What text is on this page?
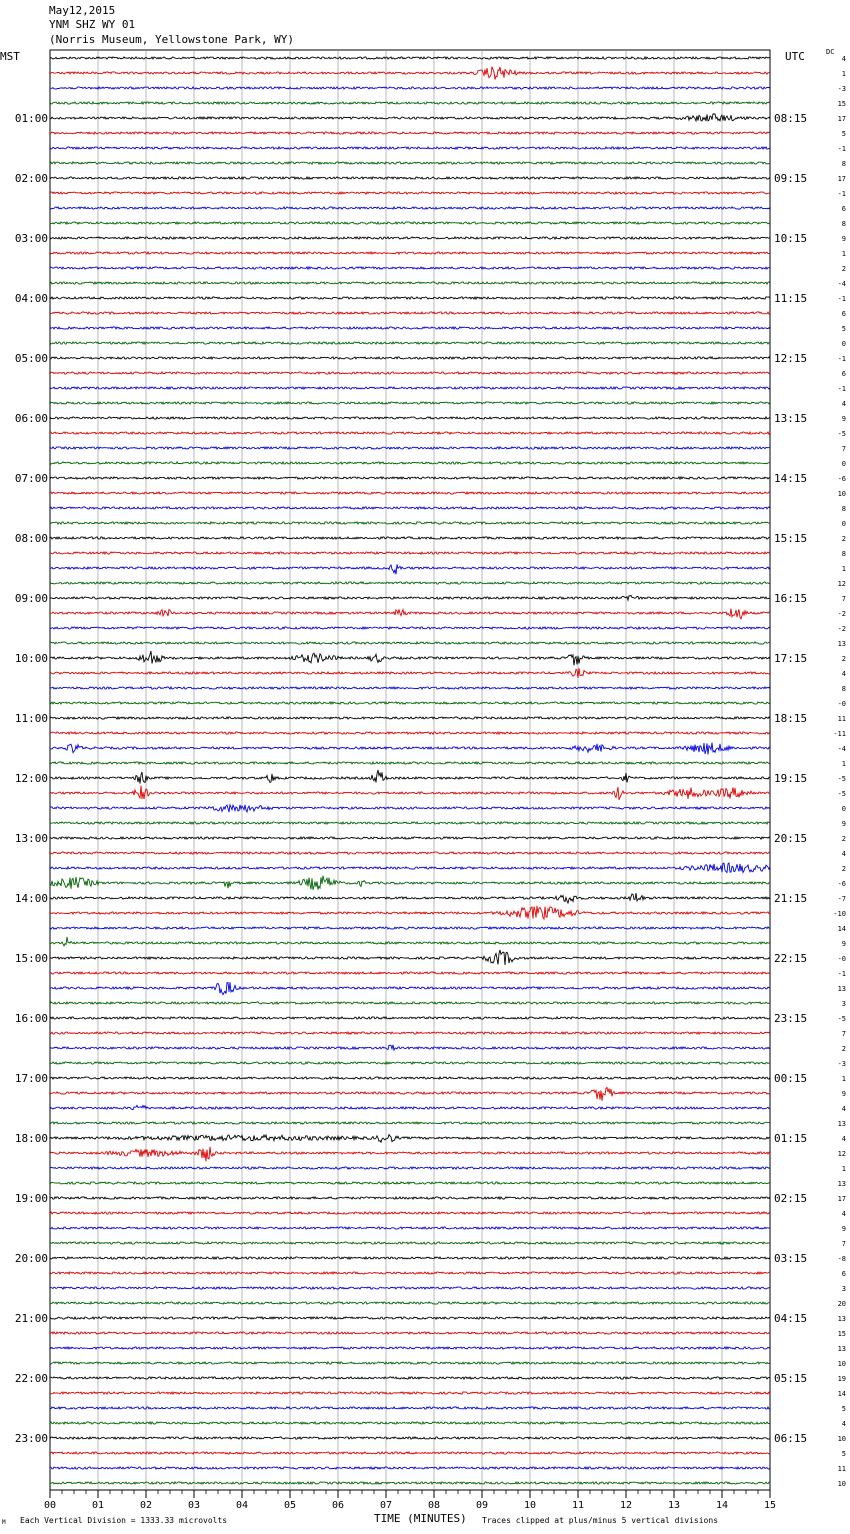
May12,2015
YNM SHZ WY 01
(Norris Museum, Yellowstone Park, WY)
MST	UTC	DC
00	01	02	03	04	05	06	07	08	09	10	11	12	13	14	15
4
1
-3
15
17
5
-1
8
17
-1
6
8
9
1
2
-4
-1
6
5
0
-1
6
-1
4
9
-5
7
0
-6
10
8
0
2
8
1
12
7
-2
-2
13
2
4
8
-0
11
-11
-4
1
-5
-5
0
9
2
4
2
-6
-7
-10
14
9
-0
-1
13
3
-5
7
2
-3
1
9
4
13
4
12
1
13
17
4
9
7
-8
6
3
20
13
15
13
10
19
14
5
4
10
5
11
10
01:00	08:15
02:00	09:15
03:00	10:15
04:00	11:15
05:00	12:15
06:00	13:15
07:00	14:15
08:00	15:15
09:00	16:15
10:00	17:15
11:00	18:15
12:00	19:15
13:00	20:15
14:00	21:15
15:00	22:15
16:00	23:15
17:00	00:15
18:00	01:15
19:00	02:15
20:00	03:15
21:00	04:15
22:00	05:15
23:00	06:15
TIME (MINUTES)
Each Vertical Division = 1333.33 microvolts	Traces clipped at plus/minus 5 vertical divisions
M
